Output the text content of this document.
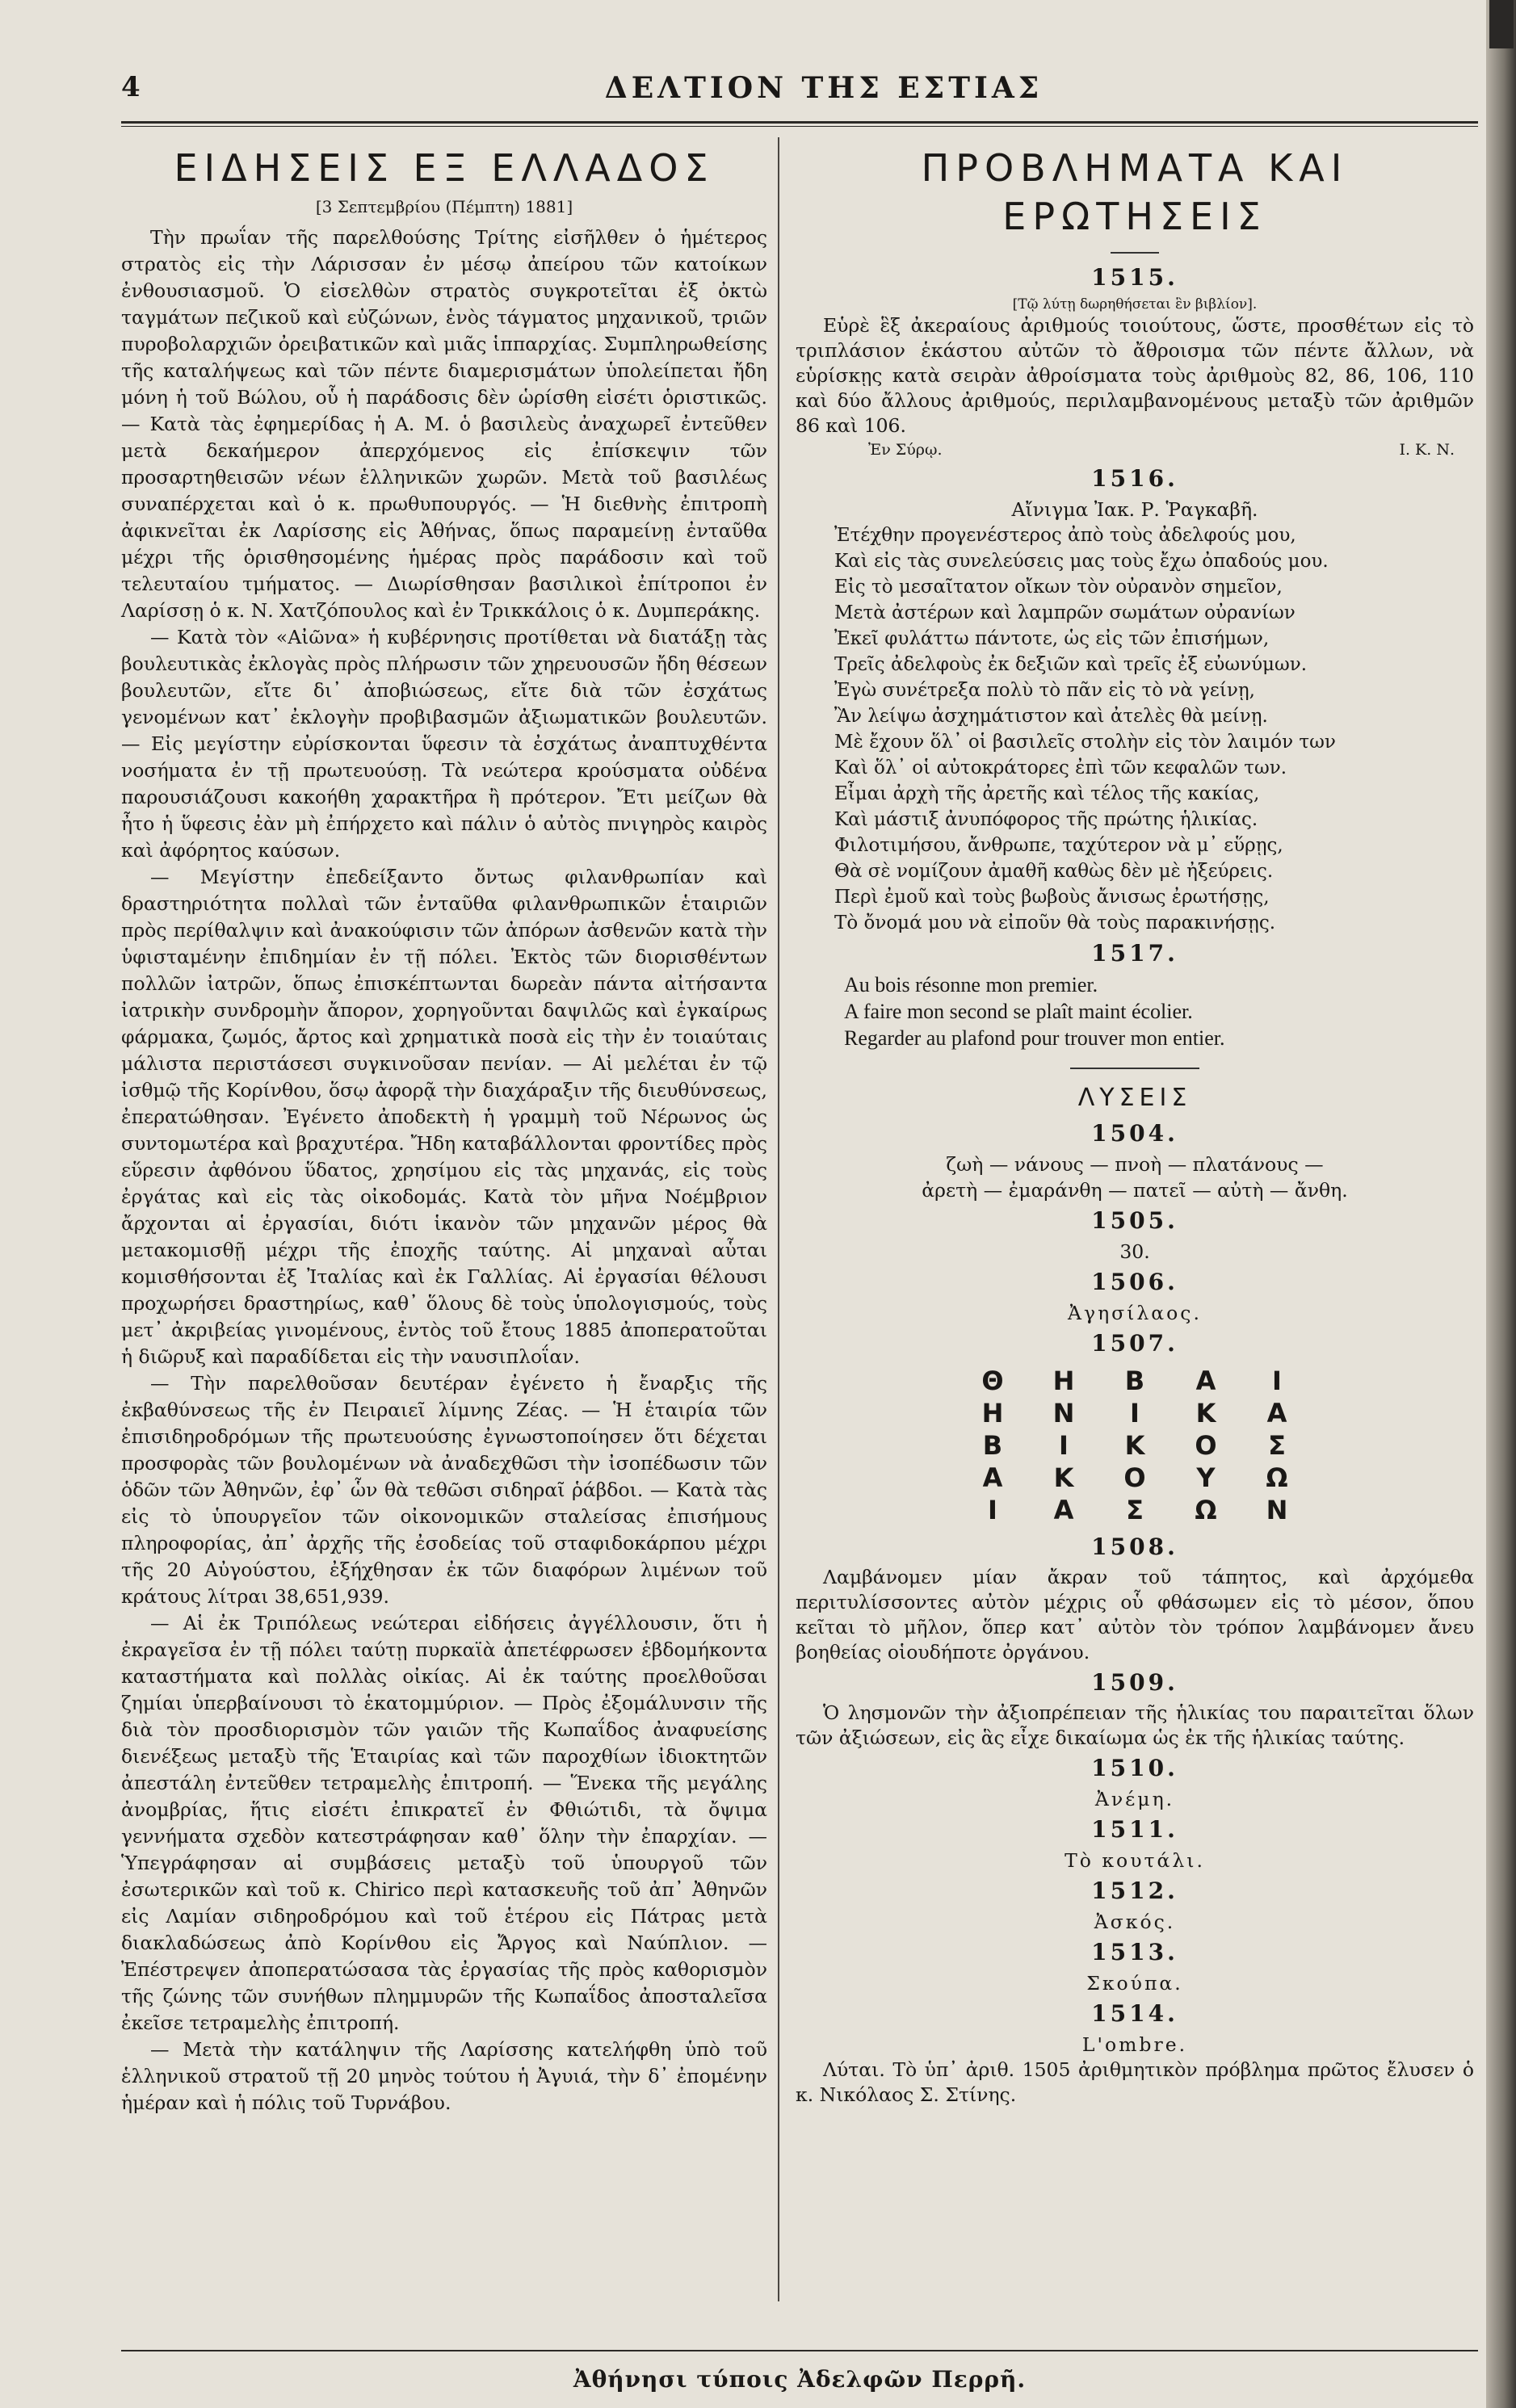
4	ΔΕΛΤΙΟΝ ΤΗΣ ΕΣΤΙΑΣ
ΕΙΔΗΣΕΙΣ ΕΞ ΕΛΛΑΔΟΣ
[3 Σεπτεμβρίου (Πέμπτη) 1881]

Τὴν πρωΐαν τῆς παρελθούσης Τρίτης εἰσῆλθεν ὁ ἡμέτερος στρατὸς εἰς τὴν Λάρισσαν ἐν μέσῳ ἀπείρου τῶν κατοίκων ἐνθουσιασμοῦ. Ὁ εἰσελθὼν στρατὸς συγκροτεῖται ἐξ ὀκτὼ ταγμάτων πεζικοῦ καὶ εὐζώνων, ἑνὸς τάγματος μηχανικοῦ, τριῶν πυροβολαρχιῶν ὀρειβατικῶν καὶ μιᾶς ἱππαρχίας. Συμπληρωθείσης τῆς καταλήψεως καὶ τῶν πέντε διαμερισμάτων ὑπολείπεται ἤδη μόνη ἡ τοῦ Βώλου, οὗ ἡ παράδοσις δὲν ὡρίσθη εἰσέτι ὁριστικῶς. — Κατὰ τὰς ἐφημερίδας ἡ Α. Μ. ὁ βασιλεὺς ἀναχωρεῖ ἐντεῦθεν μετὰ δεκαήμερον ἀπερχόμενος εἰς ἐπίσκεψιν τῶν προσαρτηθεισῶν νέων ἑλληνικῶν χωρῶν. Μετὰ τοῦ βασιλέως συναπέρχεται καὶ ὁ κ. πρωθυπουργός. — Ἡ διεθνὴς ἐπιτροπὴ ἀφικνεῖται ἐκ Λαρίσσης εἰς Ἀθήνας, ὅπως παραμείνῃ ἐνταῦθα μέχρι τῆς ὁρισθησομένης ἡμέρας πρὸς παράδοσιν καὶ τοῦ τελευταίου τμήματος. — Διωρίσθησαν βασιλικοὶ ἐπίτροποι ἐν Λαρίσσῃ ὁ κ. Ν. Χατζόπουλος καὶ ἐν Τρικκάλοις ὁ κ. Δυμπεράκης.

— Κατὰ τὸν «Αἰῶνα» ἡ κυβέρνησις προτίθεται νὰ διατάξῃ τὰς βουλευτικὰς ἐκλογὰς πρὸς πλήρωσιν τῶν χηρευουσῶν ἤδη θέσεων βουλευτῶν, εἴτε δι᾽ ἀποβιώσεως, εἴτε διὰ τῶν ἐσχάτως γενομένων κατ᾽ ἐκλογὴν προβιβασμῶν ἀξιωματικῶν βουλευτῶν. — Εἰς μεγίστην εὐρίσκονται ὕφεσιν τὰ ἐσχάτως ἀναπτυχθέντα νοσήματα ἐν τῇ πρωτευούσῃ. Τὰ νεώτερα κρούσματα οὐδένα παρουσιάζουσι κακοήθη χαρακτῆρα ἢ πρότερον. Ἔτι μείζων θὰ ἦτο ἡ ὕφεσις ἐὰν μὴ ἐπήρχετο καὶ πάλιν ὁ αὐτὸς πνιγηρὸς καιρὸς καὶ ἀφόρητος καύσων.

— Μεγίστην ἐπεδείξαντο ὄντως φιλανθρωπίαν καὶ δραστηριότητα πολλαὶ τῶν ἐνταῦθα φιλανθρωπικῶν ἑταιριῶν πρὸς περίθαλψιν καὶ ἀνακούφισιν τῶν ἀπόρων ἀσθενῶν κατὰ τὴν ὑφισταμένην ἐπιδημίαν ἐν τῇ πόλει. Ἐκτὸς τῶν διορισθέντων πολλῶν ἰατρῶν, ὅπως ἐπισκέπτωνται δωρεὰν πάντα αἰτήσαντα ἰατρικὴν συνδρομὴν ἄπορον, χορηγοῦνται δαψιλῶς καὶ ἐγκαίρως φάρμακα, ζωμός, ἄρτος καὶ χρηματικὰ ποσὰ εἰς τὴν ἐν τοιαύταις μάλιστα περιστάσεσι συγκινοῦσαν πενίαν. — Αἱ μελέται ἐν τῷ ἰσθμῷ τῆς Κορίνθου, ὅσῳ ἀφορᾷ τὴν διαχάραξιν τῆς διευθύνσεως, ἐπερατώθησαν. Ἐγένετο ἀποδεκτὴ ἡ γραμμὴ τοῦ Νέρωνος ὡς συντομωτέρα καὶ βραχυτέρα. Ἤδη καταβάλλονται φροντίδες πρὸς εὕρεσιν ἀφθόνου ὕδατος, χρησίμου εἰς τὰς μηχανάς, εἰς τοὺς ἐργάτας καὶ εἰς τὰς οἰκοδομάς. Κατὰ τὸν μῆνα Νοέμβριον ἄρχονται αἱ ἐργασίαι, διότι ἱκανὸν τῶν μηχανῶν μέρος θὰ μετακομισθῇ μέχρι τῆς ἐποχῆς ταύτης. Αἱ μηχαναὶ αὗται κομισθήσονται ἐξ Ἰταλίας καὶ ἐκ Γαλλίας. Αἱ ἐργασίαι θέλουσι προχωρήσει δραστηρίως, καθ᾽ ὅλους δὲ τοὺς ὑπολογισμούς, τοὺς μετ᾽ ἀκριβείας γινομένους, ἐντὸς τοῦ ἔτους 1885 ἀποπερατοῦται ἡ διῶρυξ καὶ παραδίδεται εἰς τὴν ναυσιπλοΐαν.

— Τὴν παρελθοῦσαν δευτέραν ἐγένετο ἡ ἔναρξις τῆς ἐκβαθύνσεως τῆς ἐν Πειραιεῖ λίμνης Ζέας. — Ἡ ἑταιρία τῶν ἐπισιδηροδρόμων τῆς πρωτευούσης ἐγνωστοποίησεν ὅτι δέχεται προσφορὰς τῶν βουλομένων νὰ ἀναδεχθῶσι τὴν ἰσοπέδωσιν τῶν ὁδῶν τῶν Ἀθηνῶν, ἐφ᾽ ὧν θὰ τεθῶσι σιδηραῖ ῥάβδοι. — Κατὰ τὰς εἰς τὸ ὑπουργεῖον τῶν οἰκονομικῶν σταλείσας ἐπισήμους πληροφορίας, ἀπ᾽ ἀρχῆς τῆς ἐσοδείας τοῦ σταφιδοκάρπου μέχρι τῆς 20 Αὐγούστου, ἐξήχθησαν ἐκ τῶν διαφόρων λιμένων τοῦ κράτους λίτραι 38,651,939.

— Αἱ ἐκ Τριπόλεως νεώτεραι εἰδήσεις ἀγγέλλουσιν, ὅτι ἡ ἐκραγεῖσα ἐν τῇ πόλει ταύτῃ πυρκαϊὰ ἀπετέφρωσεν ἑβδομήκοντα καταστήματα καὶ πολλὰς οἰκίας. Αἱ ἐκ ταύτης προελθοῦσαι ζημίαι ὑπερβαίνουσι τὸ ἑκατομμύριον. — Πρὸς ἐξομάλυνσιν τῆς διὰ τὸν προσδιορισμὸν τῶν γαιῶν τῆς Κωπαΐδος ἀναφυείσης διενέξεως μεταξὺ τῆς Ἑταιρίας καὶ τῶν παροχθίων ἰδιοκτητῶν ἀπεστάλη ἐντεῦθεν τετραμελὴς ἐπιτροπή. — Ἕνεκα τῆς μεγάλης ἀνομβρίας, ἥτις εἰσέτι ἐπικρατεῖ ἐν Φθιώτιδι, τὰ ὄψιμα γεννήματα σχεδὸν κατεστράφησαν καθ᾽ ὅλην τὴν ἐπαρχίαν. — Ὑπεγράφησαν αἱ συμβάσεις μεταξὺ τοῦ ὑπουργοῦ τῶν ἐσωτερικῶν καὶ τοῦ κ. Chirico περὶ κατασκευῆς τοῦ ἀπ᾽ Ἀθηνῶν εἰς Λαμίαν σιδηροδρόμου καὶ τοῦ ἑτέρου εἰς Πάτρας μετὰ διακλαδώσεως ἀπὸ Κορίνθου εἰς Ἄργος καὶ Ναύπλιον. — Ἐπέστρεψεν ἀποπερατώσασα τὰς ἐργασίας τῆς πρὸς καθορισμὸν τῆς ζώνης τῶν συνήθων πλημμυρῶν τῆς Κωπαΐδος ἀποσταλεῖσα ἐκεῖσε τετραμελὴς ἐπιτροπή.

— Μετὰ τὴν κατάληψιν τῆς Λαρίσσης κατελήφθη ὑπὸ τοῦ ἑλληνικοῦ στρατοῦ τῇ 20 μηνὸς τούτου ἡ Ἀγυιά, τὴν δ᾽ ἐπομένην ἡμέραν καὶ ἡ πόλις τοῦ Τυρνάβου.

ΠΡΟΒΛΗΜΑΤΑ ΚΑΙ ΕΡΩΤΗΣΕΙΣ
1515.
[Τῷ λύτῃ δωρηθήσεται ἓν βιβλίον].

Εὑρὲ ἓξ ἀκεραίους ἀριθμούς τοιούτους, ὥστε, προσθέτων εἰς τὸ τριπλάσιον ἑκάστου αὐτῶν τὸ ἄθροισμα τῶν πέντε ἄλλων, νὰ εὑρίσκῃς κατὰ σειρὰν ἀθροίσματα τοὺς ἀριθμοὺς 82, 86, 106, 110 καὶ δύο ἄλλους ἀριθμούς, περιλαμβανομένους μεταξὺ τῶν ἀριθμῶν 86 καὶ 106.

Ἐν Σύρῳ.	Ι. Κ. Ν.
1516.
Αἴνιγμα Ἰακ. Ρ. Ῥαγκαβῆ.
Ἐτέχθην προγενέστερος ἀπὸ τοὺς ἀδελφούς μου,
Καὶ εἰς τὰς συνελεύσεις μας τοὺς ἔχω ὀπαδούς μου.
Εἰς τὸ μεσαῖτατον οἴκων τὸν οὐρανὸν σημεῖον,
Μετὰ ἀστέρων καὶ λαμπρῶν σωμάτων οὐρανίων
Ἐκεῖ φυλάττω πάντοτε, ὡς εἰς τῶν ἐπισήμων,
Τρεῖς ἀδελφοὺς ἐκ δεξιῶν καὶ τρεῖς ἐξ εὐωνύμων.
Ἐγὼ συνέτρεξα πολὺ τὸ πᾶν εἰς τὸ νὰ γείνῃ,
Ἂν λείψω ἀσχημάτιστον καὶ ἀτελὲς θὰ μείνῃ.
Μὲ ἔχουν ὅλ᾽ οἱ βασιλεῖς στολὴν εἰς τὸν λαιμόν των
Καὶ ὅλ᾽ οἱ αὐτοκράτορες ἐπὶ τῶν κεφαλῶν των.
Εἶμαι ἀρχὴ τῆς ἀρετῆς καὶ τέλος τῆς κακίας,
Καὶ μάστιξ ἀνυπόφορος τῆς πρώτης ἡλικίας.
Φιλοτιμήσου, ἄνθρωπε, ταχύτερον νὰ μ᾽ εὕρῃς,
Θὰ σὲ νομίζουν ἀμαθῆ καθὼς δὲν μὲ ἠξεύρεις.
Περὶ ἐμοῦ καὶ τοὺς βωβοὺς ἄνισως ἐρωτήσῃς,
Τὸ ὄνομά μου νὰ εἰποῦν θὰ τοὺς παρακινήσῃς.
1517.
Au bois résonne mon premier.
A faire mon second se plaît maint écolier.
Regarder au plafond pour trouver mon entier.
ΛΥΣΕΙΣ
1504.
ζωὴ — νάνους — πνοὴ — πλατάνους —
ἀρετὴ — ἐμαράνθη — πατεῖ — αὐτὴ — ἄνθη.
1505.
30.
1506.
Ἀγησίλαος.
1507.
Θ	Η	Β	Α	Ι
Η	Ν	Ι	Κ	Α
Β	Ι	Κ	Ο	Σ
Α	Κ	Ο	Υ	Ω
Ι	Α	Σ	Ω	Ν
1508.

Λαμβάνομεν μίαν ἄκραν τοῦ τάπητος, καὶ ἀρχόμεθα περιτυλίσσοντες αὐτὸν μέχρις οὗ φθάσωμεν εἰς τὸ μέσον, ὅπου κεῖται τὸ μῆλον, ὅπερ κατ᾽ αὐτὸν τὸν τρόπον λαμβάνομεν ἄνευ βοηθείας οἱουδήποτε ὀργάνου.

1509.

Ὁ λησμονῶν τὴν ἀξιοπρέπειαν τῆς ἡλικίας του παραιτεῖται ὅλων τῶν ἀξιώσεων, εἰς ἃς εἶχε δικαίωμα ὡς ἐκ τῆς ἡλικίας ταύτης.

1510.
Ἀνέμη.
1511.
Τὸ κουτάλι.
1512.
Ἀσκός.
1513.
Σκούπα.
1514.
L'ombre.

Λύται. Τὸ ὑπ᾽ ἀριθ. 1505 ἀριθμητικὸν πρόβλημα πρῶτος ἔλυσεν ὁ κ. Νικόλαος Σ. Στίνης.

Ἀθήνησι τύποις Ἀδελφῶν Περρῆ.
